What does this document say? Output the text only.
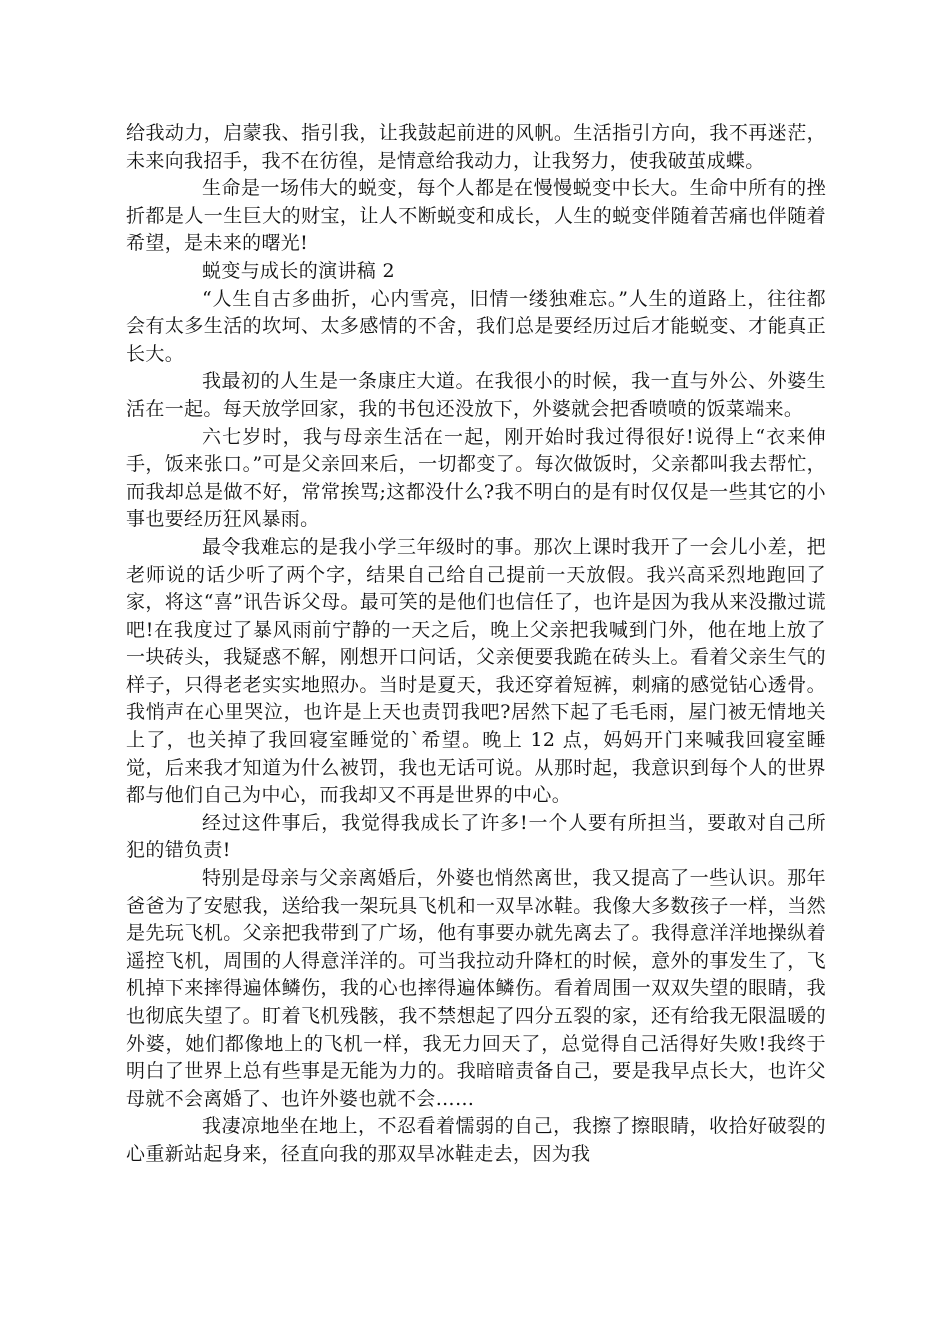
给我动力，启蒙我、指引我，让我鼓起前进的风帆。生活指引方向，我不再迷茫，未来向我招手，我不在彷徨，是情意给我动力，让我努力，使我破茧成蝶。

生命是一场伟大的蜕变，每个人都是在慢慢蜕变中长大。生命中所有的挫折都是人一生巨大的财宝，让人不断蜕变和成长，人生的蜕变伴随着苦痛也伴随着希望，是未来的曙光!

蜕变与成长的演讲稿 2

“人生自古多曲折，心内雪亮，旧情一缕独难忘。”人生的道路上，往往都会有太多生活的坎坷、太多感情的不舍，我们总是要经历过后才能蜕变、才能真正长大。

我最初的人生是一条康庄大道。在我很小的时候，我一直与外公、外婆生活在一起。每天放学回家，我的书包还没放下，外婆就会把香喷喷的饭菜端来。

六七岁时，我与母亲生活在一起，刚开始时我过得很好!说得上“衣来伸手，饭来张口。”可是父亲回来后，一切都变了。每次做饭时，父亲都叫我去帮忙，而我却总是做不好，常常挨骂;这都没什么?我不明白的是有时仅仅是一些其它的小事也要经历狂风暴雨。

最令我难忘的是我小学三年级时的事。那次上课时我开了一会儿小差，把老师说的话少听了两个字，结果自己给自己提前一天放假。我兴高采烈地跑回了家，将这“喜”讯告诉父母。最可笑的是他们也信任了，也许是因为我从来没撒过谎吧!在我度过了暴风雨前宁静的一天之后，晚上父亲把我喊到门外，他在地上放了一块砖头，我疑惑不解，刚想开口问话，父亲便要我跪在砖头上。看着父亲生气的样子，只得老老实实地照办。当时是夏天，我还穿着短裤，刺痛的感觉钻心透骨。我悄声在心里哭泣，也许是上天也责罚我吧?居然下起了毛毛雨，屋门被无情地关上了，也关掉了我回寝室睡觉的`希望。晚上 12 点，妈妈开门来喊我回寝室睡觉，后来我才知道为什么被罚，我也无话可说。从那时起，我意识到每个人的世界都与他们自己为中心，而我却又不再是世界的中心。

经过这件事后，我觉得我成长了许多!一个人要有所担当，要敢对自己所犯的错负责!

特别是母亲与父亲离婚后，外婆也悄然离世，我又提高了一些认识。那年爸爸为了安慰我，送给我一架玩具飞机和一双旱冰鞋。我像大多数孩子一样，当然是先玩飞机。父亲把我带到了广场，他有事要办就先离去了。我得意洋洋地操纵着遥控飞机，周围的人得意洋洋的。可当我拉动升降杠的时候，意外的事发生了，飞机掉下来摔得遍体鳞伤，我的心也摔得遍体鳞伤。看着周围一双双失望的眼睛，我也彻底失望了。盯着飞机残骸，我不禁想起了四分五裂的家，还有给我无限温暖的外婆，她们都像地上的飞机一样，我无力回天了，总觉得自己活得好失败!我终于明白了世界上总有些事是无能为力的。我暗暗责备自己，要是我早点长大，也许父母就不会离婚了、也许外婆也就不会……

我凄凉地坐在地上，不忍看着懦弱的自己，我擦了擦眼睛，收拾好破裂的心重新站起身来，径直向我的那双旱冰鞋走去，因为我
